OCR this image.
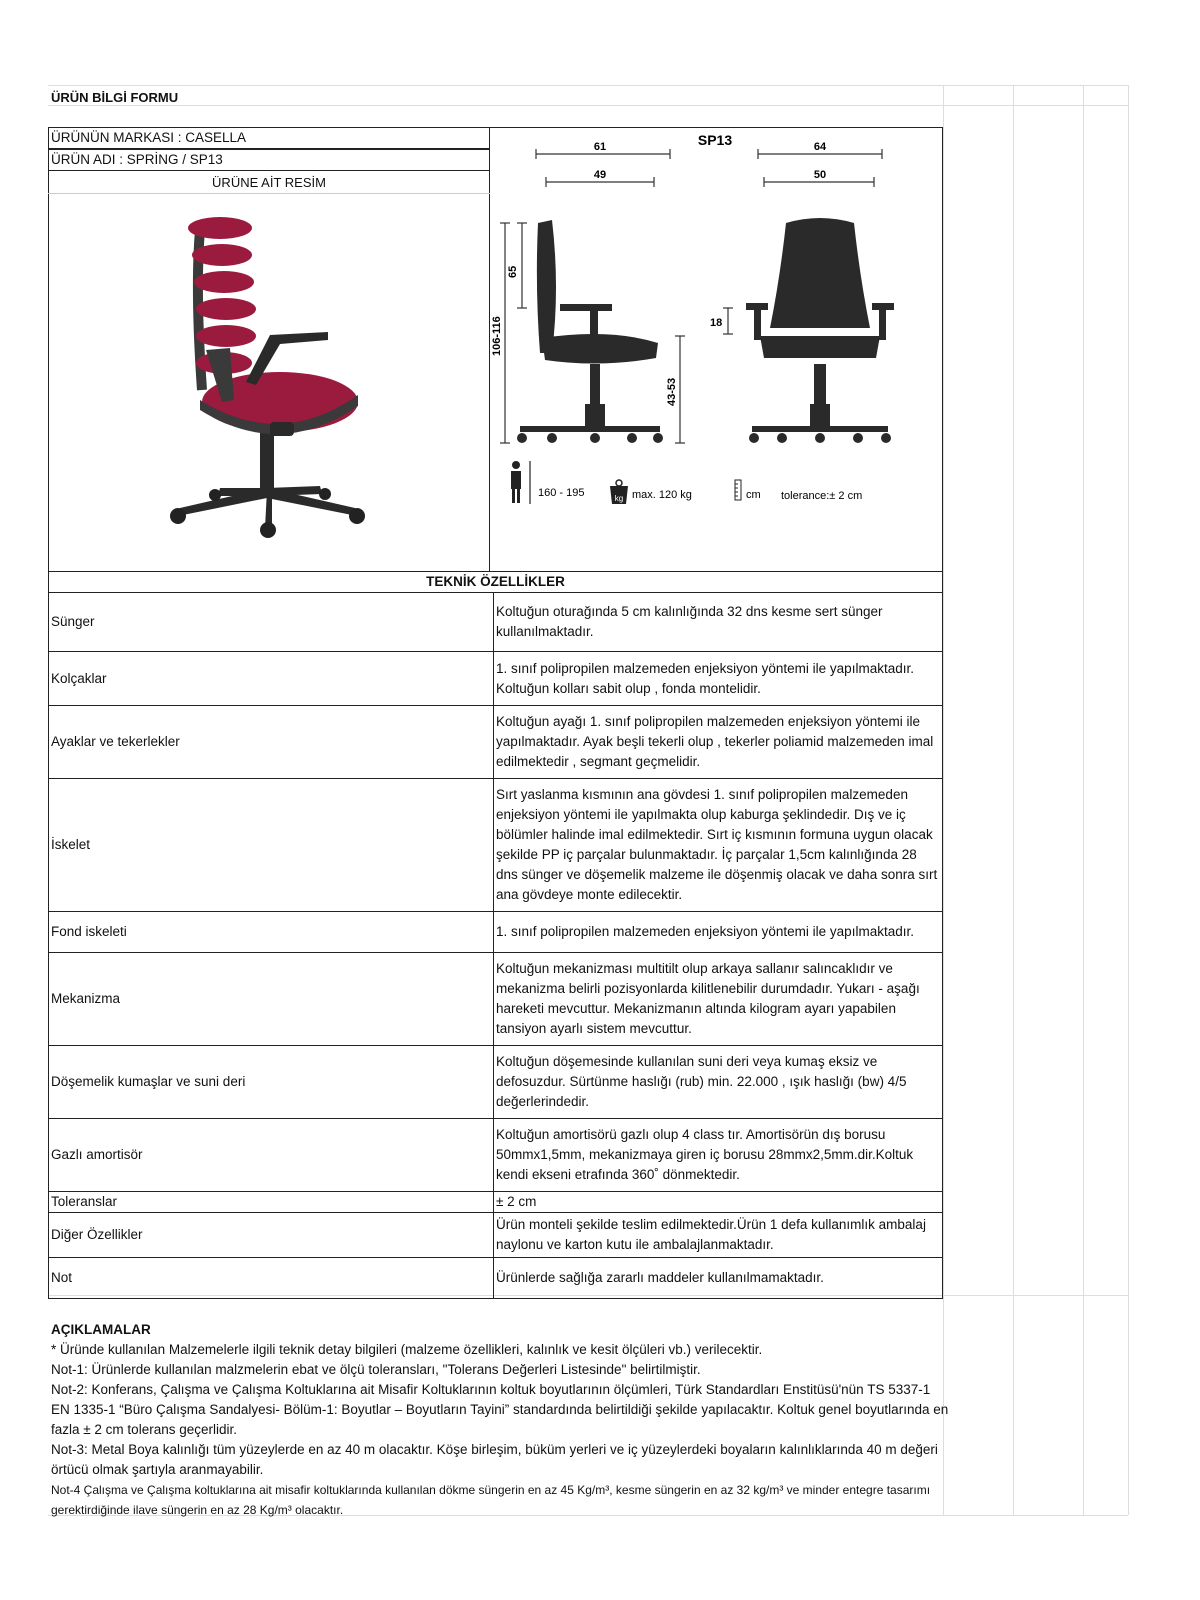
ÜRÜN BİLGİ FORMU
ÜRÜNÜN MARKASI : CASELLA
ÜRÜN ADI : SPRİNG / SP13
ÜRÜNE AİT RESİM
SP13
61
49
64
50
65
106-116
43-53
18
160 - 195	kg max. 120 kg	cm tolerance:± 2 cm
TEKNİK ÖZELLİKLER	
Sünger	Koltuğun oturağında 5 cm kalınlığında 32 dns kesme sert sünger kullanılmaktadır.
Kolçaklar	1. sınıf polipropilen malzemeden enjeksiyon yöntemi ile yapılmaktadır. Koltuğun kolları sabit olup , fonda montelidir.
Ayaklar ve tekerlekler	Koltuğun ayağı 1. sınıf polipropilen malzemeden enjeksiyon yöntemi ile yapılmaktadır. Ayak beşli tekerli olup , tekerler poliamid malzemeden imal edilmektedir , segmant geçmelidir.
İskelet	Sırt yaslanma kısmının ana gövdesi 1. sınıf polipropilen malzemeden enjeksiyon yöntemi ile yapılmakta olup kaburga şeklindedir. Dış ve iç bölümler halinde imal edilmektedir. Sırt iç kısmının formuna uygun olacak şekilde PP iç parçalar bulunmaktadır. İç parçalar 1,5cm kalınlığında 28 dns sünger ve döşemelik malzeme ile döşenmiş olacak ve daha sonra sırt ana gövdeye monte edilecektir.
Fond iskeleti	1. sınıf polipropilen malzemeden enjeksiyon yöntemi ile yapılmaktadır.
Mekanizma	Koltuğun mekanizması multitilt olup arkaya sallanır salıncaklıdır ve mekanizma belirli pozisyonlarda kilitlenebilir durumdadır. Yukarı - aşağı hareketi mevcuttur. Mekanizmanın altında kilogram ayarı yapabilen tansiyon ayarlı sistem mevcuttur.
Döşemelik kumaşlar ve suni deri	Koltuğun döşemesinde kullanılan suni deri veya kumaş eksiz ve defosuzdur. Sürtünme haslığı (rub) min. 22.000 , ışık haslığı (bw) 4/5 değerlerindedir.
Gazlı amortisör	Koltuğun amortisörü gazlı olup 4 class tır. Amortisörün dış borusu 50mmx1,5mm, mekanizmaya giren iç borusu 28mmx2,5mm.dir.Koltuk kendi ekseni etrafında 360˚ dönmektedir.
Toleranslar	± 2 cm
Diğer Özellikler	Ürün monteli şekilde teslim edilmektedir.Ürün 1 defa kullanımlık ambalaj naylonu ve karton kutu ile ambalajlanmaktadır.
Not	Ürünlerde sağlığa zararlı maddeler kullanılmamaktadır.
AÇIKLAMALAR
* Üründe kullanılan Malzemelerle ilgili teknik detay bilgileri (malzeme özellikleri, kalınlık ve kesit ölçüleri vb.) verilecektir.
Not-1: Ürünlerde kullanılan malzmelerin ebat ve ölçü toleransları, "Tolerans Değerleri Listesinde" belirtilmiştir.
Not-2: Konferans, Çalışma ve Çalışma Koltuklarına ait Misafir Koltuklarının koltuk boyutlarının ölçümleri, Türk Standardları Enstitüsü'nün TS 5337-1 EN 1335-1 “Büro Çalışma Sandalyesi- Bölüm-1: Boyutlar – Boyutların Tayini” standardında belirtildiği şekilde yapılacaktır. Koltuk genel boyutlarında en fazla ± 2 cm tolerans geçerlidir.
Not-3: Metal Boya kalınlığı tüm yüzeylerde en az 40 m olacaktır. Köşe birleşim, büküm yerleri ve iç yüzeylerdeki boyaların kalınlıklarında 40 m değeri örtücü olmak şartıyla aranmayabilir.
Not-4 Çalışma ve Çalışma koltuklarına ait misafir koltuklarında kullanılan dökme süngerin en az 45 Kg/m³, kesme süngerin en az 32 kg/m³ ve minder entegre tasarımı gerektirdiğinde ilave süngerin en az 28 Kg/m³ olacaktır.
